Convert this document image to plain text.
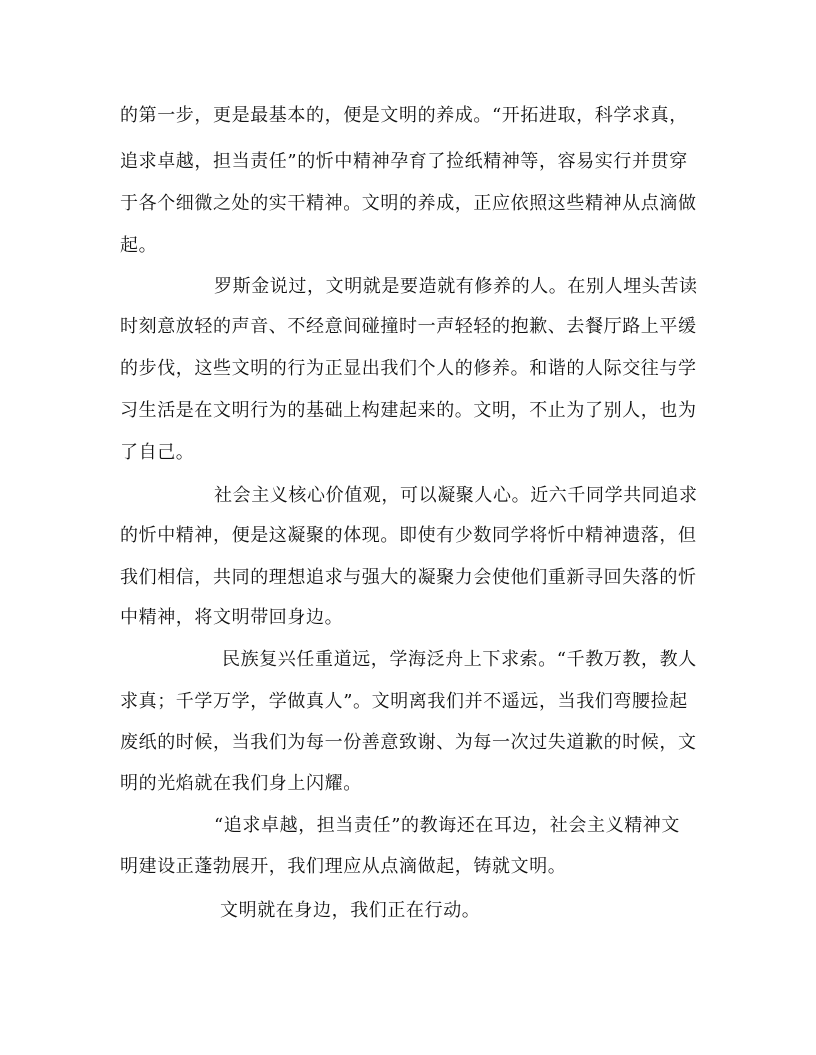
的第一步，更是最基本的，便是文明的养成。“开拓进取，科学求真，

追求卓越，担当责任”的忻中精神孕育了捡纸精神等，容易实行并贯穿

于各个细微之处的实干精神。文明的养成，正应依照这些精神从点滴做

起。

罗斯金说过，文明就是要造就有修养的人。在别人埋头苦读

时刻意放轻的声音、不经意间碰撞时一声轻轻的抱歉、去餐厅路上平缓

的步伐，这些文明的行为正显出我们个人的修养。和谐的人际交往与学

习生活是在文明行为的基础上构建起来的。文明，不止为了别人，也为

了自己。

社会主义核心价值观，可以凝聚人心。近六千同学共同追求

的忻中精神，便是这凝聚的体现。即使有少数同学将忻中精神遗落，但

我们相信，共同的理想追求与强大的凝聚力会使他们重新寻回失落的忻

中精神，将文明带回身边。

民族复兴任重道远，学海泛舟上下求索。“千教万教，教人

求真；千学万学，学做真人”。文明离我们并不遥远，当我们弯腰捡起

废纸的时候，当我们为每一份善意致谢、为每一次过失道歉的时候，文

明的光焰就在我们身上闪耀。

“追求卓越，担当责任”的教诲还在耳边，社会主义精神文

明建设正蓬勃展开，我们理应从点滴做起，铸就文明。

文明就在身边，我们正在行动。
